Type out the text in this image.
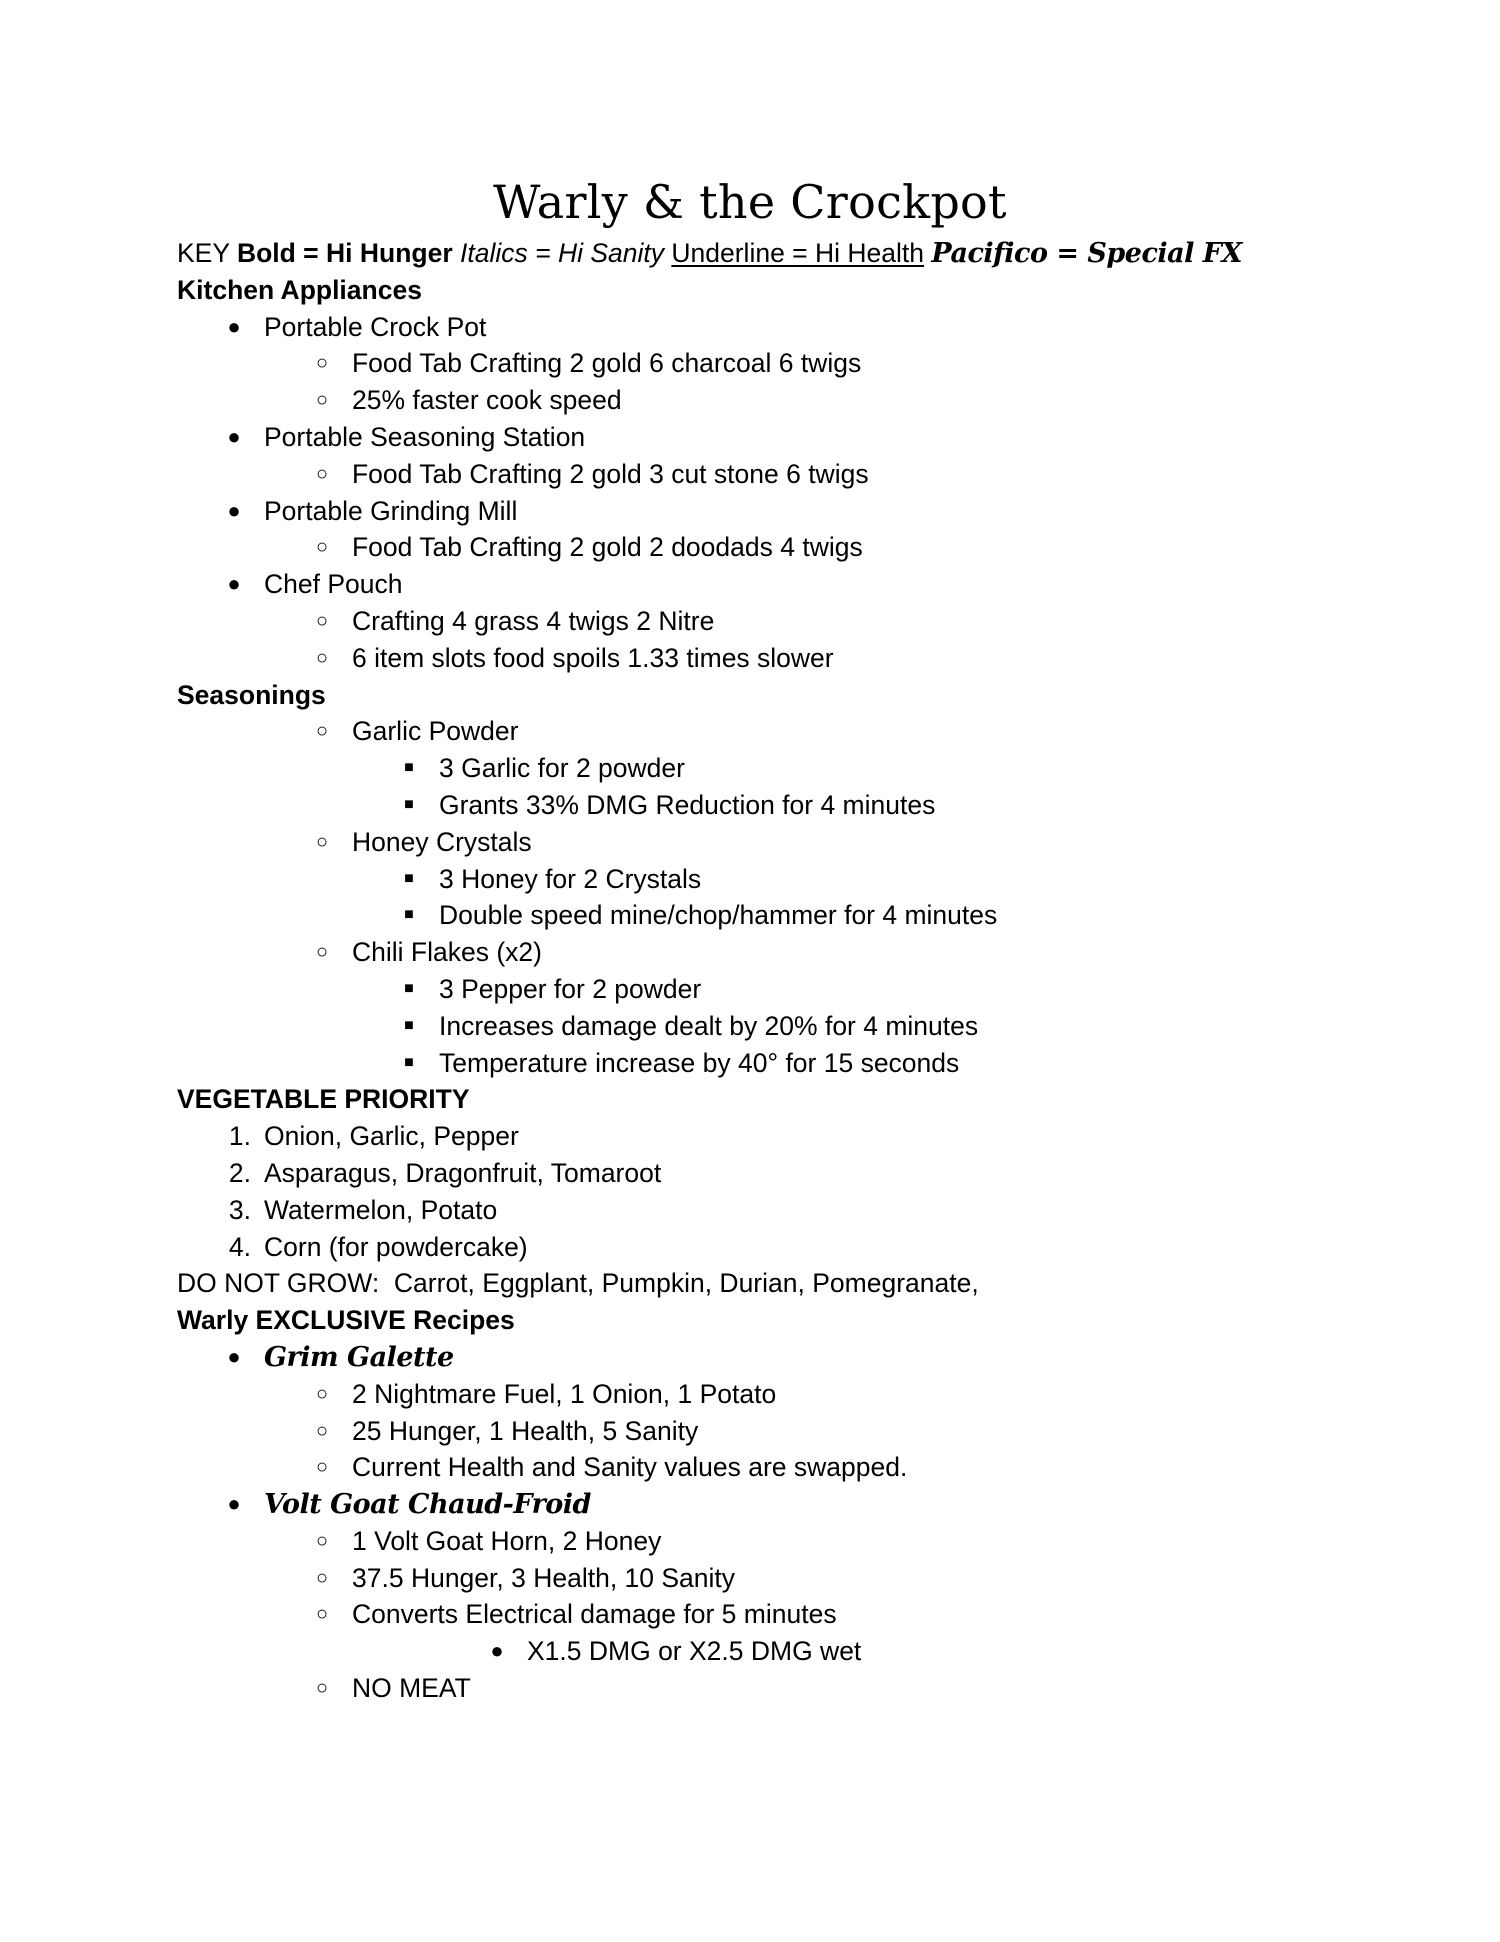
Warly & the Crockpot
KEY Bold = Hi Hunger Italics = Hi Sanity Underline = Hi Health Pacifico = Special FX
Kitchen Appliances
● Portable Crock Pot
○ Food Tab Crafting 2 gold 6 charcoal 6 twigs
○ 25% faster cook speed
● Portable Seasoning Station
○ Food Tab Crafting 2 gold 3 cut stone 6 twigs
● Portable Grinding Mill
○ Food Tab Crafting 2 gold 2 doodads 4 twigs
● Chef Pouch
○ Crafting 4 grass 4 twigs 2 Nitre
○ 6 item slots food spoils 1.33 times slower
Seasonings
○ Garlic Powder
■ 3 Garlic for 2 powder
■ Grants 33% DMG Reduction for 4 minutes
○ Honey Crystals
■ 3 Honey for 2 Crystals
■ Double speed mine/chop/hammer for 4 minutes
○ Chili Flakes (x2)
■ 3 Pepper for 2 powder
■ Increases damage dealt by 20% for 4 minutes
■ Temperature increase by 40° for 15 seconds
VEGETABLE PRIORITY
1. Onion, Garlic, Pepper
2. Asparagus, Dragonfruit, Tomaroot
3. Watermelon, Potato
4. Corn (for powdercake)
DO NOT GROW:  Carrot, Eggplant, Pumpkin, Durian, Pomegranate,
Warly EXCLUSIVE Recipes
● Grim Galette
○ 2 Nightmare Fuel, 1 Onion, 1 Potato
○ 25 Hunger, 1 Health, 5 Sanity
○ Current Health and Sanity values are swapped.
● Volt Goat Chaud-Froid
○ 1 Volt Goat Horn, 2 Honey
○ 37.5 Hunger, 3 Health, 10 Sanity
○ Converts Electrical damage for 5 minutes
● X1.5 DMG or X2.5 DMG wet
○ NO MEAT
